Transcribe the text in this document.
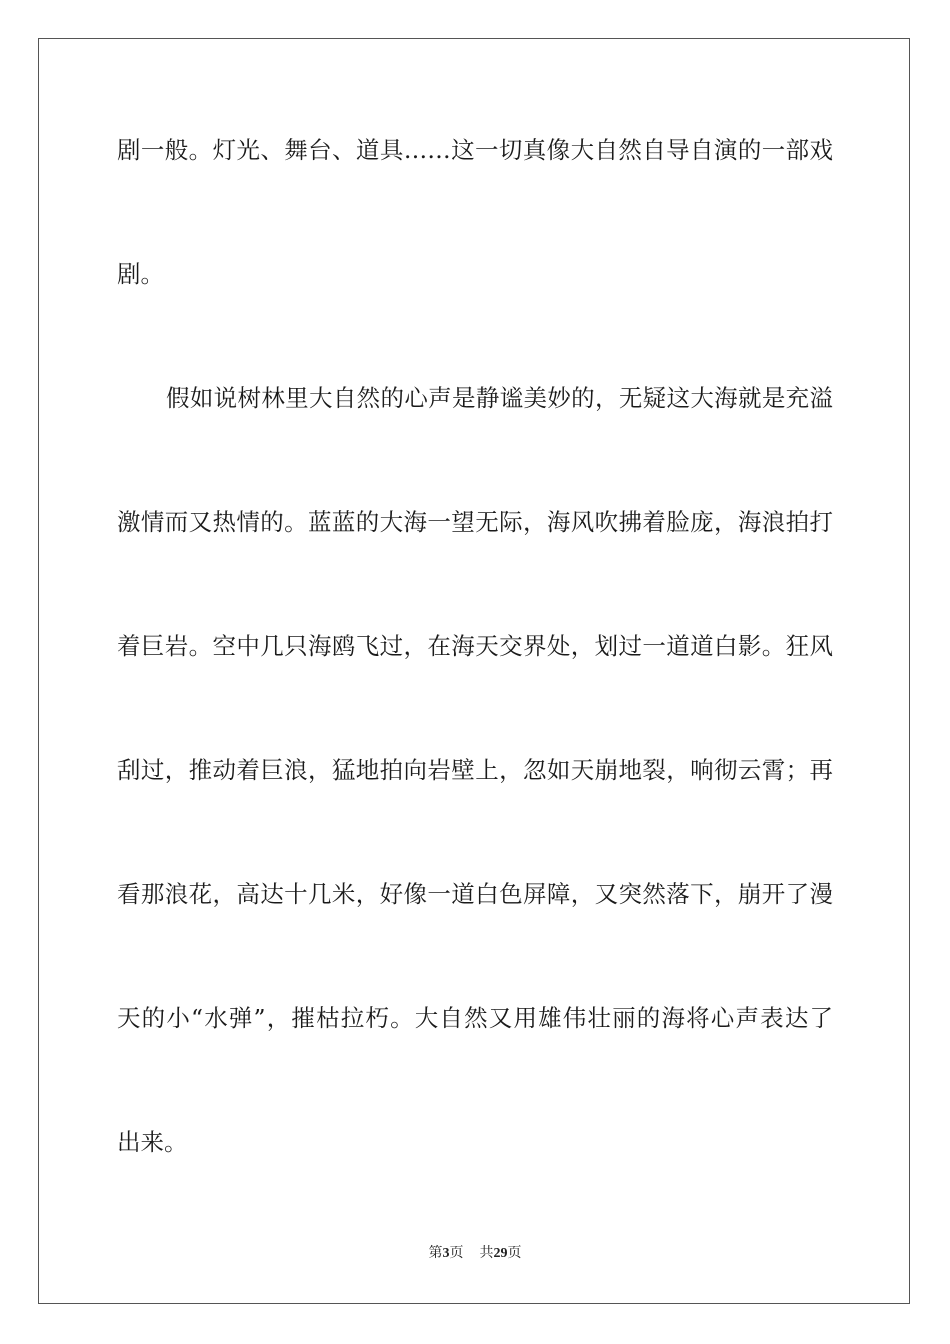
剧一般。灯光、舞台、道具……这一切真像大自然自导自演的一部戏
剧。
假如说树林里大自然的心声是静谧美妙的，无疑这大海就是充溢
激情而又热情的。蓝蓝的大海一望无际，海风吹拂着脸庞，海浪拍打
着巨岩。空中几只海鸥飞过，在海天交界处，划过一道道白影。狂风
刮过，推动着巨浪，猛地拍向岩壁上，忽如天崩地裂，响彻云霄；再
看那浪花，高达十几米，好像一道白色屏障，又突然落下，崩开了漫
天的小“水弹”，摧枯拉朽。大自然又用雄伟壮丽的海将心声表达了
出来。
第3页 共29页
